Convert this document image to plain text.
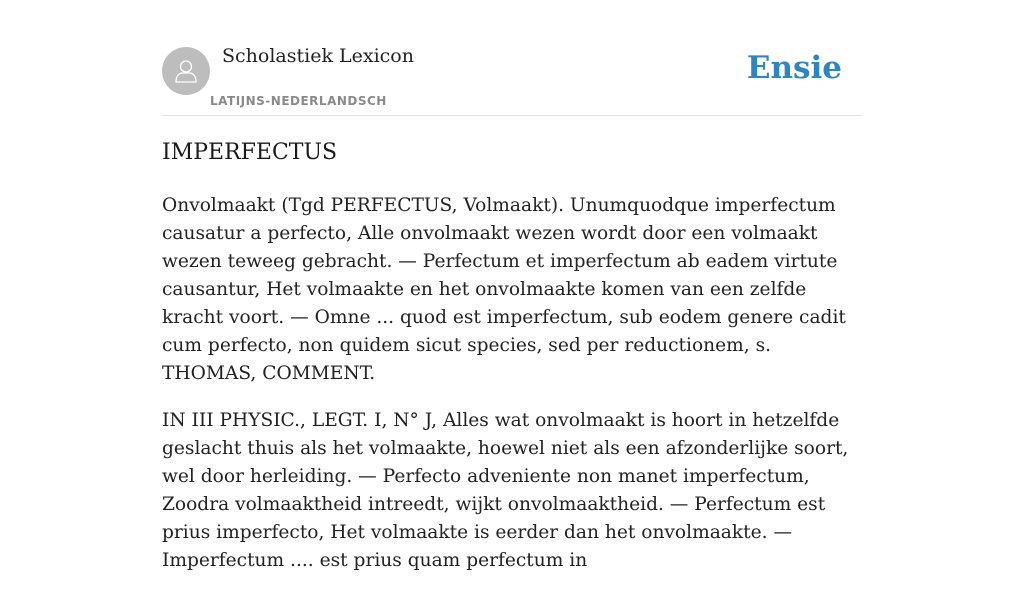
Scholastiek Lexicon
LATIJNS-NEDERLANDSCH
Ensie
IMPERFECTUS

Onvolmaakt (Tgd PERFECTUS, Volmaakt). Unumquodque imperfectum causatur a perfecto, Alle onvolmaakt wezen wordt door een volmaakt wezen teweeg gebracht. — Perfectum et imperfectum ab eadem virtute causantur, Het volmaakte en het onvolmaakte komen van een zelfde kracht voort. — Omne ... quod est imperfectum, sub eodem genere cadit cum perfecto, non quidem sicut species, sed per reductionem, s. THOMAS, COMMENT.

IN III PHYSIC., LEGT. I, N° J, Alles wat onvolmaakt is hoort in hetzelfde geslacht thuis als het volmaakte, hoewel niet als een afzonderlijke soort, wel door herleiding. — Perfecto adveniente non manet imperfectum, Zoodra volmaaktheid intreedt, wijkt onvolmaaktheid. — Perfectum est prius imperfecto, Het volmaakte is eerder dan het onvolmaakte. — Imperfectum .... est prius quam perfectum in
